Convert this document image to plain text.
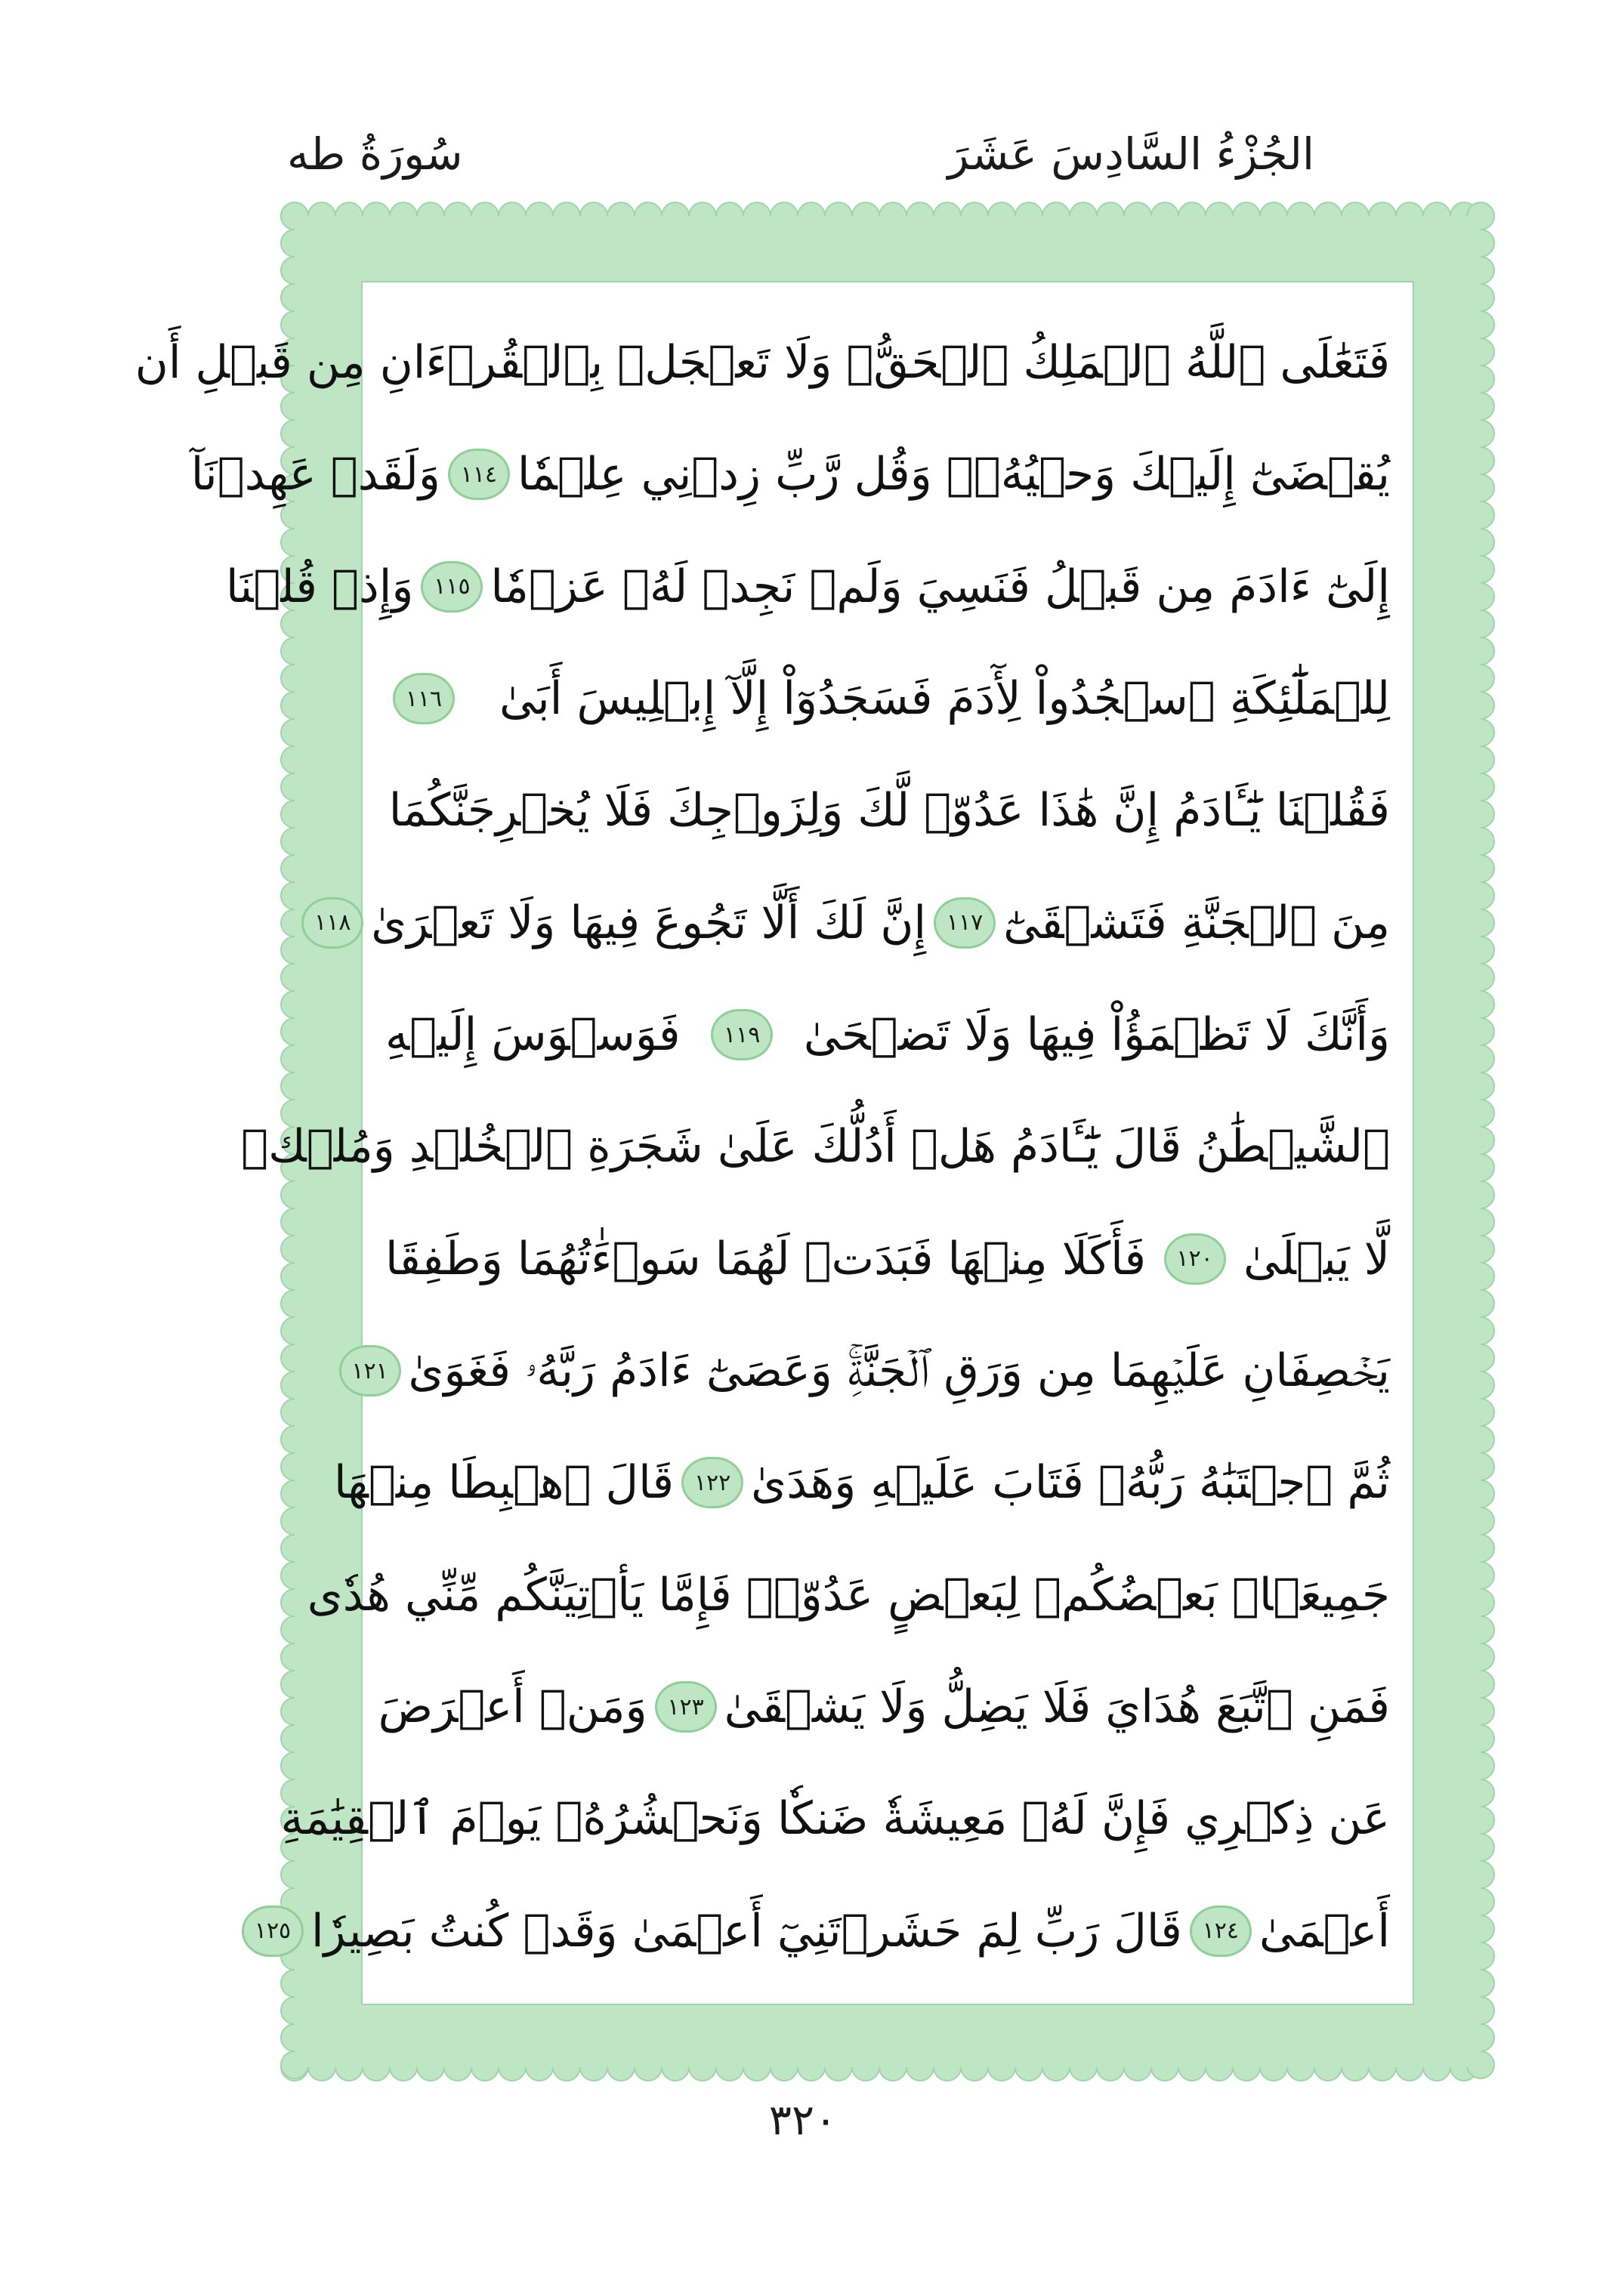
الجُزْءُ السَّادِسَ عَشَرَ
سُورَةُ طه
فَتَعَٰلَى ٱللَّهُ ٱلۡمَلِكُ ٱلۡحَقُّۗ وَلَا تَعۡجَلۡ بِٱلۡقُرۡءَانِ مِن قَبۡلِ أَن
يُقۡضَىٰٓ إِلَيۡكَ وَحۡيُهُۥۖ وَقُل رَّبِّ زِدۡنِي عِلۡمٗا
١١٤
وَلَقَدۡ عَهِدۡنَآ
إِلَىٰٓ ءَادَمَ مِن قَبۡلُ فَنَسِيَ وَلَمۡ نَجِدۡ لَهُۥ عَزۡمٗا
١١٥
وَإِذۡ قُلۡنَا
لِلۡمَلَٰٓئِكَةِ ٱسۡجُدُواْ لِأٓدَمَ فَسَجَدُوٓاْ إِلَّآ إِبۡلِيسَ أَبَىٰ
١١٦
فَقُلۡنَا يَٰٓـَٔادَمُ إِنَّ هَٰذَا عَدُوّٞ لَّكَ وَلِزَوۡجِكَ فَلَا يُخۡرِجَنَّكُمَا
مِنَ ٱلۡجَنَّةِ فَتَشۡقَىٰٓ
١١٧
إِنَّ لَكَ أَلَّا تَجُوعَ فِيهَا وَلَا تَعۡرَىٰ
١١٨
وَأَنَّكَ لَا تَظۡمَؤُاْ فِيهَا وَلَا تَضۡحَىٰ
١١٩
فَوَسۡوَسَ إِلَيۡهِ
ٱلشَّيۡطَٰنُ قَالَ يَٰٓـَٔادَمُ هَلۡ أَدُلُّكَ عَلَىٰ شَجَرَةِ ٱلۡخُلۡدِ وَمُلۡكٖ
لَّا يَبۡلَىٰ
١٢٠
فَأَكَلَا مِنۡهَا فَبَدَتۡ لَهُمَا سَوۡءَٰتُهُمَا وَطَفِقَا
يَخۡصِفَانِ عَلَيۡهِمَا مِن وَرَقِ ٱلۡجَنَّةِۚ وَعَصَىٰٓ ءَادَمُ رَبَّهُۥ فَغَوَىٰ
١٢١
ثُمَّ ٱجۡتَبَٰهُ رَبُّهُۥ فَتَابَ عَلَيۡهِ وَهَدَىٰ
١٢٢
قَالَ ٱهۡبِطَا مِنۡهَا
جَمِيعَۢاۖ بَعۡضُكُمۡ لِبَعۡضٍ عَدُوّٞۖ فَإِمَّا يَأۡتِيَنَّكُم مِّنِّي هُدٗى
فَمَنِ ٱتَّبَعَ هُدَايَ فَلَا يَضِلُّ وَلَا يَشۡقَىٰ
١٢٣
وَمَنۡ أَعۡرَضَ
عَن ذِكۡرِي فَإِنَّ لَهُۥ مَعِيشَةٗ ضَنكٗا وَنَحۡشُرُهُۥ يَوۡمَ ٱلۡقِيَٰمَةِ
أَعۡمَىٰ
١٢٤
قَالَ رَبِّ لِمَ حَشَرۡتَنِيٓ أَعۡمَىٰ وَقَدۡ كُنتُ بَصِيرٗا
١٢٥
٣٢٠
